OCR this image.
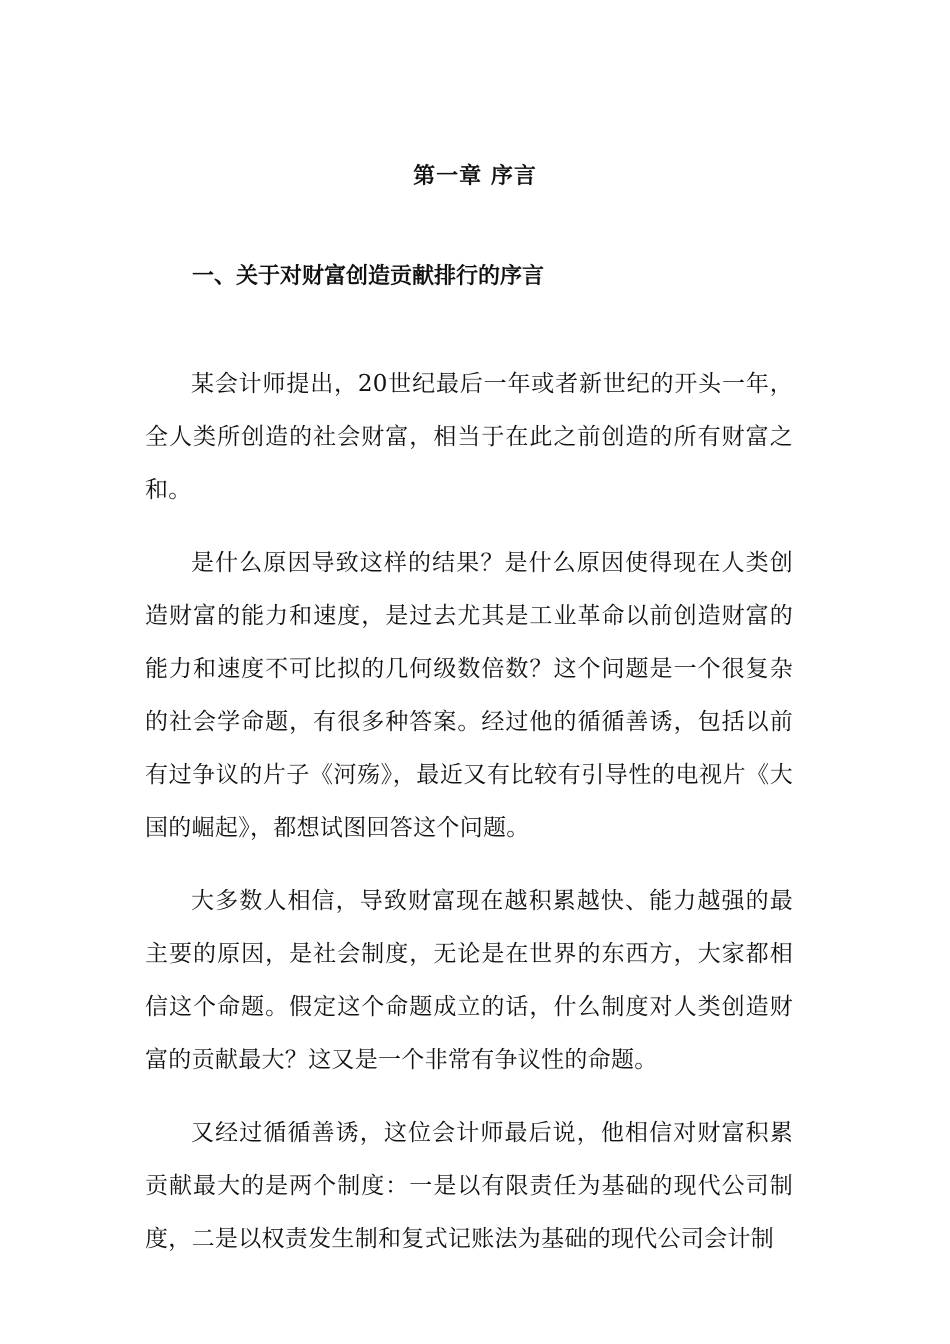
第一章 序言
一、关于对财富创造贡献排行的序言

某会计师提出，20世纪最后一年或者新世纪的开头一年，全人类所创造的社会财富，相当于在此之前创造的所有财富之和。

是什么原因导致这样的结果？是什么原因使得现在人类创造财富的能力和速度，是过去尤其是工业革命以前创造财富的能力和速度不可比拟的几何级数倍数？这个问题是一个很复杂的社会学命题，有很多种答案。经过他的循循善诱，包括以前有过争议的片子《河殇》，最近又有比较有引导性的电视片《大国的崛起》，都想试图回答这个问题。

大多数人相信，导致财富现在越积累越快、能力越强的最主要的原因，是社会制度，无论是在世界的东西方，大家都相信这个命题。假定这个命题成立的话，什么制度对人类创造财富的贡献最大？这又是一个非常有争议性的命题。

又经过循循善诱，这位会计师最后说，他相信对财富积累贡献最大的是两个制度：一是以有限责任为基础的现代公司制度，二是以权责发生制和复式记账法为基础的现代公司会计制
